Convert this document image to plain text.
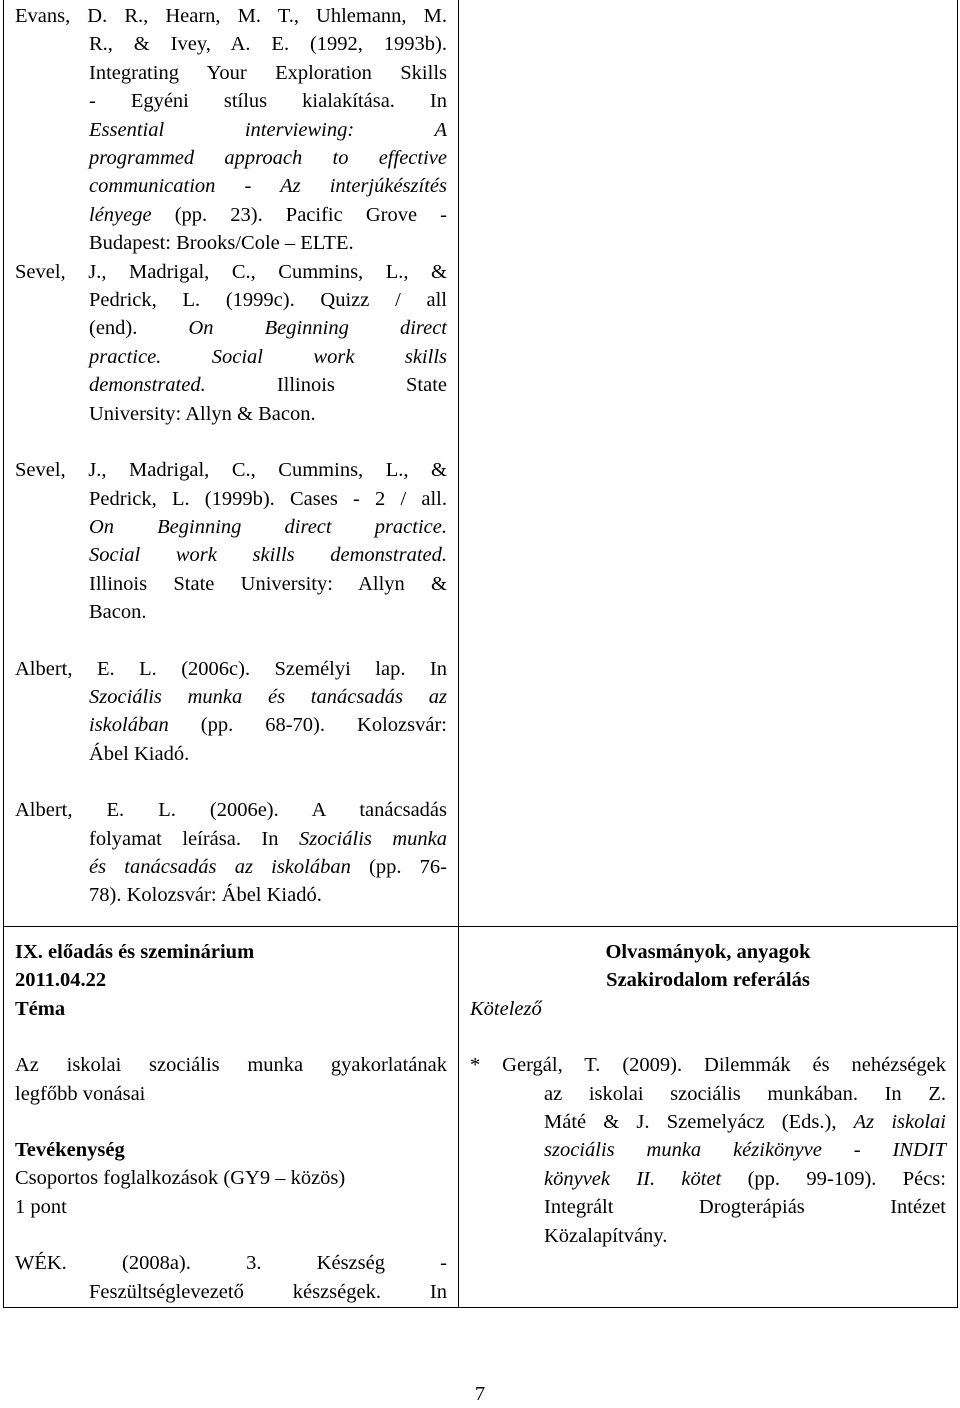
Evans, D. R., Hearn, M. T., Uhlemann, M.
R., & Ivey, A. E. (1992, 1993b).
Integrating Your Exploration Skills
- Egyéni stílus kialakítása. In
Essential interviewing: A
programmed approach to effective
communication - Az interjúkészítés
lényege (pp. 23). Pacific Grove -
Budapest: Brooks/Cole – ELTE.
Sevel, J., Madrigal, C., Cummins, L., &
Pedrick, L. (1999c). Quizz / all
(end). On Beginning direct
practice. Social work skills
demonstrated. Illinois State
University: Allyn & Bacon.
Sevel, J., Madrigal, C., Cummins, L., &
Pedrick, L. (1999b). Cases - 2 / all.
On Beginning direct practice.
Social work skills demonstrated.
Illinois State University: Allyn &
Bacon.
Albert, E. L. (2006c). Személyi lap. In
Szociális munka és tanácsadás az
iskolában (pp. 68-70). Kolozsvár:
Ábel Kiadó.
Albert, E. L. (2006e). A tanácsadás
folyamat leírása. In Szociális munka
és tanácsadás az iskolában (pp. 76-
78). Kolozsvár: Ábel Kiadó.
IX. előadás és szeminárium
2011.04.22
Téma
Az iskolai szociális munka gyakorlatának
legfőbb vonásai
Tevékenység
Csoportos foglalkozások (GY9 – közös)
1 pont
WÉK. (2008a). 3. Készség -
Feszültséglevezető készségek. In
Olvasmányok, anyagok
Szakirodalom referálás
Kötelező
* Gergál, T. (2009). Dilemmák és nehézségek
az iskolai szociális munkában. In Z.
Máté & J. Szemelyácz (Eds.), Az iskolai
szociális munka kézikönyve - INDIT
könyvek II. kötet (pp. 99-109). Pécs:
Integrált Drogterápiás Intézet
Közalapítvány.
7
